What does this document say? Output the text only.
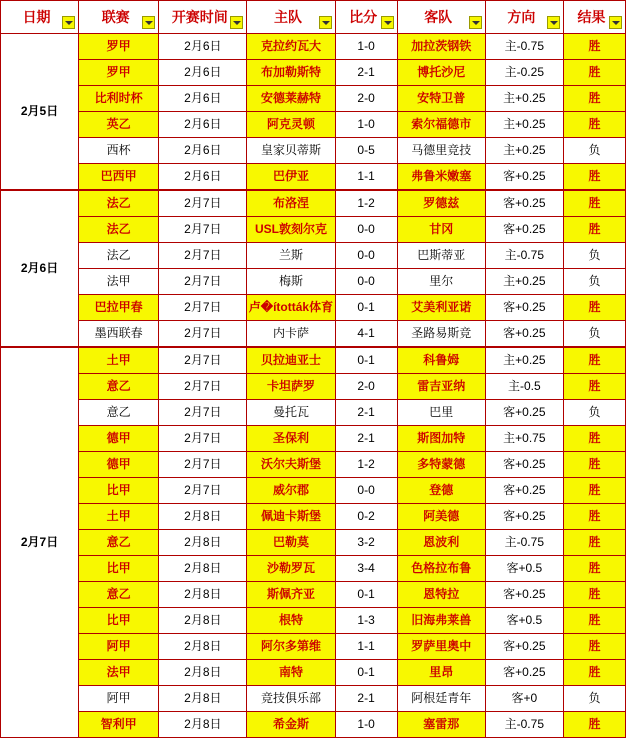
日期	联赛	开赛时间	主队	比分	客队	方向	结果

2月5日	罗甲	2月6日	克拉约瓦大	1-0	加拉茨钢铁	主-0.75	胜
	罗甲	2月6日	布加勒斯特	2-1	博托沙尼	主-0.25	胜
	比利时杯	2月6日	安德莱赫特	2-0	安特卫普	主+0.25	胜
	英乙	2月6日	阿克灵顿	1-0	索尔福德市	主+0.25	胜
	西杯	2月6日	皇家贝蒂斯	0-5	马德里竞技	主+0.25	负
	巴西甲	2月6日	巴伊亚	1-1	弗鲁米嫩塞	客+0.25	胜
2月6日	法乙	2月7日	布洛涅	1-2	罗德兹	客+0.25	胜
	法乙	2月7日	USL敦刻尔克	0-0	甘冈	客+0.25	胜
	法乙	2月7日	兰斯	0-0	巴斯蒂亚	主-0.75	负
	法甲	2月7日	梅斯	0-0	里尔	主+0.25	负
	巴拉甲春	2月7日	卢�ították体育	0-1	艾美利亚诺	客+0.25	胜
	墨西联春	2月7日	内卡萨	4-1	圣路易斯竞	客+0.25	负
2月7日	土甲	2月7日	贝拉迪亚士	0-1	科鲁姆	主+0.25	胜
	意乙	2月7日	卡坦萨罗	2-0	雷吉亚纳	主-0.5	胜
	意乙	2月7日	曼托瓦	2-1	巴里	客+0.25	负
	德甲	2月7日	圣保利	2-1	斯图加特	主+0.75	胜
	德甲	2月7日	沃尔夫斯堡	1-2	多特蒙德	客+0.25	胜
	比甲	2月7日	威尔郡	0-0	登德	客+0.25	胜
	土甲	2月8日	佩迪卡斯堡	0-2	阿美德	客+0.25	胜
	意乙	2月8日	巴勒莫	3-2	恩波利	主-0.75	胜
	比甲	2月8日	沙勒罗瓦	3-4	色格拉布鲁	客+0.5	胜
	意乙	2月8日	斯佩齐亚	0-1	恩特拉	客+0.25	胜
	比甲	2月8日	根特	1-3	旧海弗莱兽	客+0.5	胜
	阿甲	2月8日	阿尔多第维	1-1	罗萨里奥中	客+0.25	胜
	法甲	2月8日	南特	0-1	里昂	客+0.25	胜
	阿甲	2月8日	竞技俱乐部	2-1	阿根廷青年	客+0	负
	智利甲	2月8日	希金斯	1-0	塞雷那	主-0.75	胜
